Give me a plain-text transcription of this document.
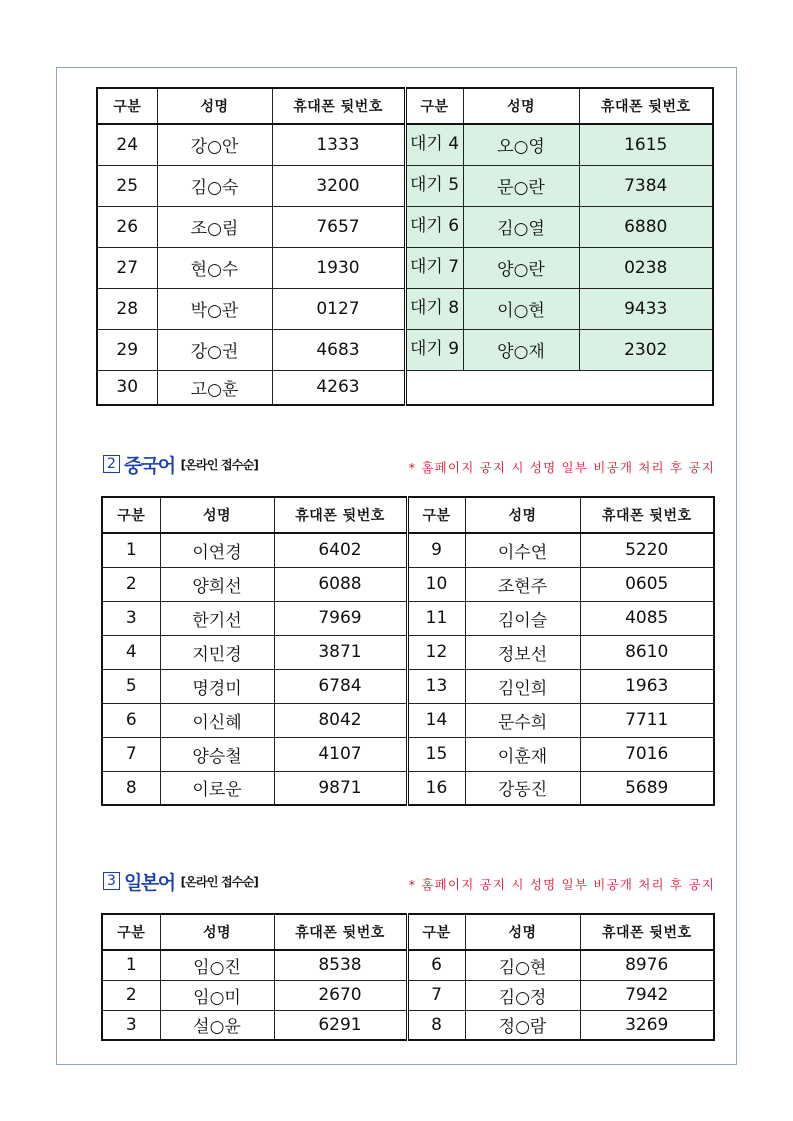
구분	성명	휴대폰 뒷번호	구분	성명	휴대폰 뒷번호
24	강○안	1333	대기 4	오○영	1615
25	김○숙	3200	대기 5	문○란	7384
26	조○림	7657	대기 6	김○열	6880
27	현○수	1930	대기 7	양○란	0238
28	박○관	0127	대기 8	이○현	9433
29	강○권	4683	대기 9	양○재	2302
30	고○훈	4263			
2 중국어 [온라인 접수순]	* 홈페이지 공지 시 성명 일부 비공개 처리 후 공지
구분	성명	휴대폰 뒷번호	구분	성명	휴대폰 뒷번호
1	이연경	6402	9	이수연	5220
2	양희선	6088	10	조현주	0605
3	한기선	7969	11	김이슬	4085
4	지민경	3871	12	정보선	8610
5	명경미	6784	13	김인희	1963
6	이신혜	8042	14	문수희	7711
7	양승철	4107	15	이훈재	7016
8	이로운	9871	16	강동진	5689
3 일본어 [온라인 접수순]	* 홈페이지 공지 시 성명 일부 비공개 처리 후 공지
구분	성명	휴대폰 뒷번호	구분	성명	휴대폰 뒷번호
1	임○진	8538	6	김○현	8976
2	임○미	2670	7	김○정	7942
3	설○윤	6291	8	정○람	3269
